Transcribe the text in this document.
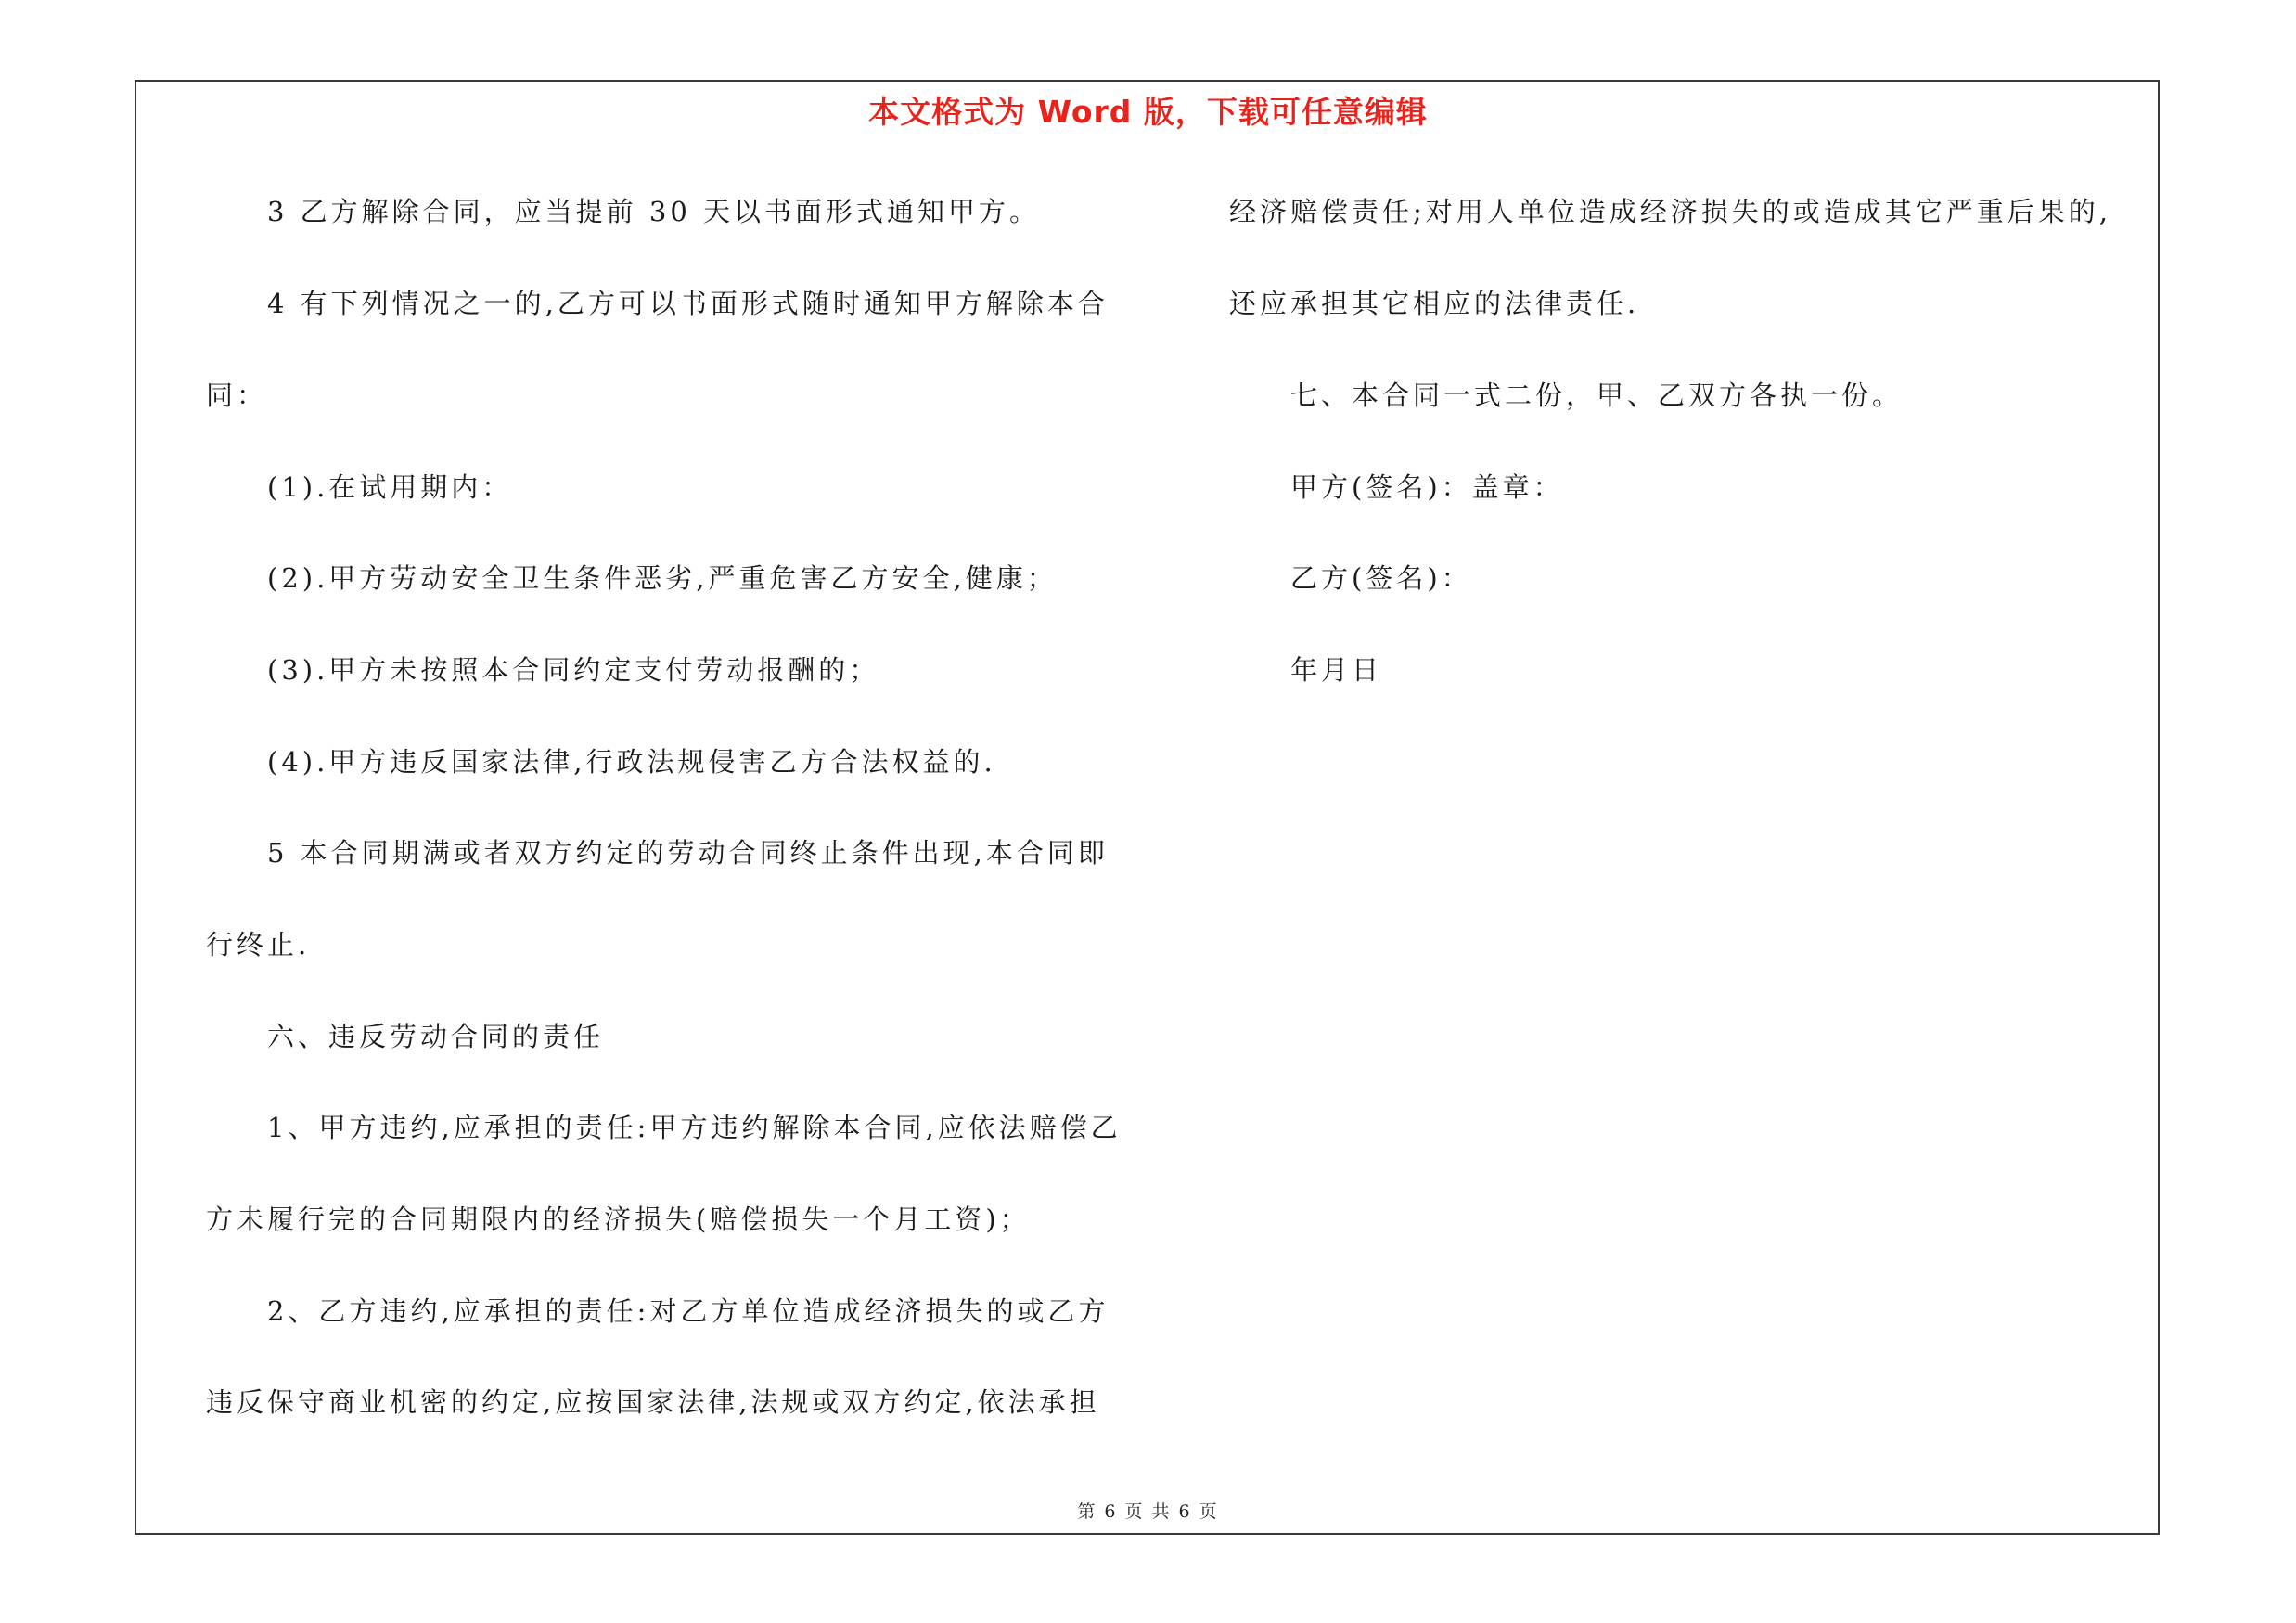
本文格式为 Word 版，下载可任意编辑
3 乙方解除合同，应当提前 30 天以书面形式通知甲方。
4 有下列情况之一的,乙方可以书面形式随时通知甲方解除本合
同：
(1).在试用期内：
(2).甲方劳动安全卫生条件恶劣,严重危害乙方安全,健康；
(3).甲方未按照本合同约定支付劳动报酬的；
(4).甲方违反国家法律,行政法规侵害乙方合法权益的.
5 本合同期满或者双方约定的劳动合同终止条件出现,本合同即
行终止.
六、违反劳动合同的责任
1、甲方违约,应承担的责任:甲方违约解除本合同,应依法赔偿乙
方未履行完的合同期限内的经济损失(赔偿损失一个月工资)；
2、乙方违约,应承担的责任:对乙方单位造成经济损失的或乙方
违反保守商业机密的约定,应按国家法律,法规或双方约定,依法承担
经济赔偿责任;对用人单位造成经济损失的或造成其它严重后果的,
还应承担其它相应的法律责任.
七、本合同一式二份，甲、乙双方各执一份。
甲方(签名)：盖章：
乙方(签名)：
年月日
第 6 页 共 6 页
